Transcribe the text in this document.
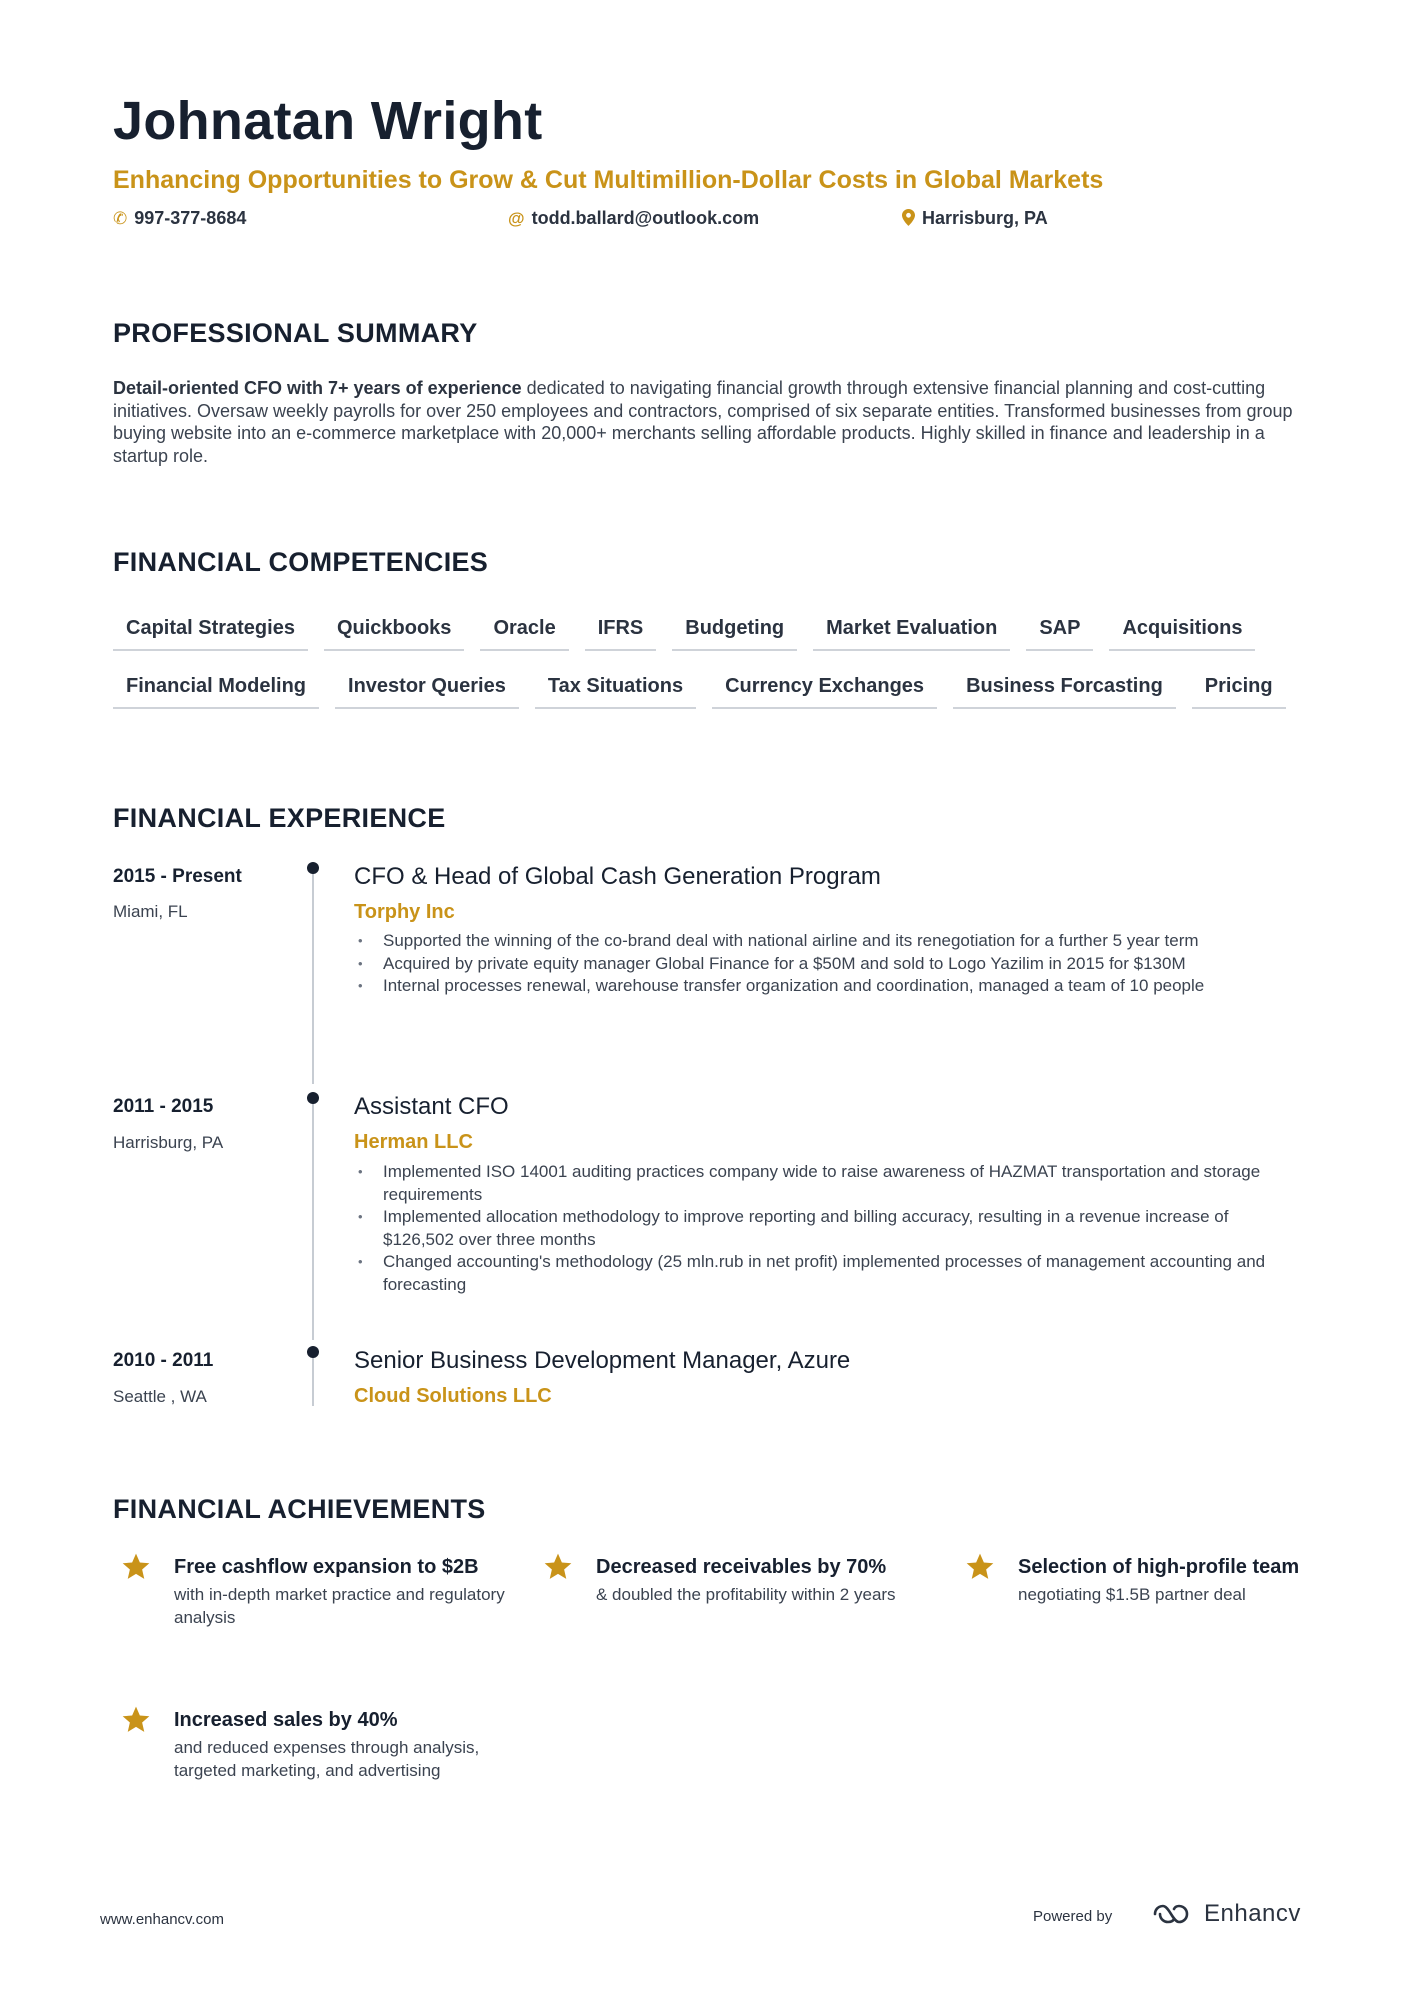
Johnatan Wright

Enhancing Opportunities to Grow & Cut Multimillion-Dollar Costs in Global Markets

✆ 997-377-8684	@ todd.ballard@outlook.com	Harrisburg, PA
PROFESSIONAL SUMMARY

Detail-oriented CFO with 7+ years of experience dedicated to navigating financial growth through extensive financial planning and cost-cutting initiatives. Oversaw weekly payrolls for over 250 employees and contractors, comprised of six separate entities. Transformed businesses from group buying website into an e-commerce marketplace with 20,000+ merchants selling affordable products. Highly skilled in finance and leadership in a startup role.

FINANCIAL COMPETENCIES
Capital Strategies	Quickbooks	Oracle	IFRS	Budgeting	Market Evaluation	SAP	Acquisitions
Financial Modeling	Investor Queries	Tax Situations	Currency Exchanges	Business Forcasting	Pricing
FINANCIAL EXPERIENCE
2015 - Present
Miami, FL
CFO & Head of Global Cash Generation Program
Torphy Inc
• Supported the winning of the co-brand deal with national airline and its renegotiation for a further 5 year term
• Acquired by private equity manager Global Finance for a $50M and sold to Logo Yazilim in 2015 for $130M
• Internal processes renewal, warehouse transfer organization and coordination, managed a team of 10 people
2011 - 2015
Harrisburg, PA
Assistant CFO
Herman LLC
• Implemented ISO 14001 auditing practices company wide to raise awareness of HAZMAT transportation and storage requirements
• Implemented allocation methodology to improve reporting and billing accuracy, resulting in a revenue increase of $126,502 over three months
• Changed accounting's methodology (25 mln.rub in net profit) implemented processes of management accounting and forecasting
2010 - 2011
Seattle , WA
Senior Business Development Manager, Azure
Cloud Solutions LLC
FINANCIAL ACHIEVEMENTS
Free cashflow expansion to $2B
with in-depth market practice and regulatory analysis
Decreased receivables by 70%
& doubled the profitability within 2 years
Selection of high-profile team
negotiating $1.5B partner deal
Increased sales by 40%
and reduced expenses through analysis, targeted marketing, and advertising
www.enhancv.com	Powered by	Enhancv
